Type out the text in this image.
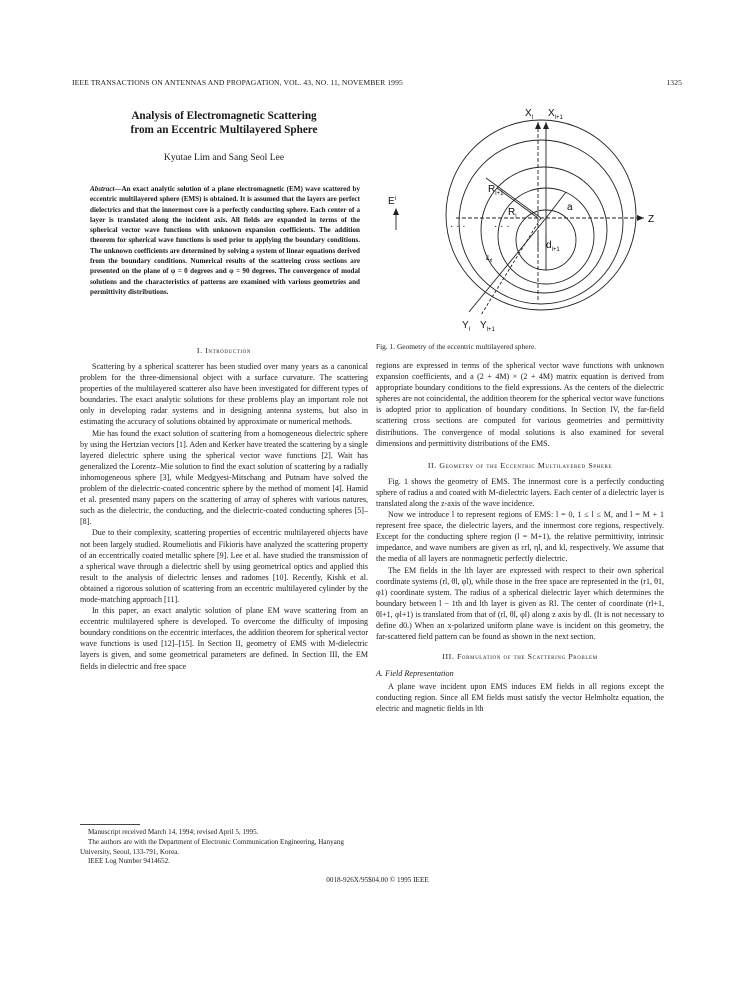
IEEE TRANSACTIONS ON ANTENNAS AND PROPAGATION, VOL. 43, NO. 11, NOVEMBER 1995	1325
Analysis of Electromagnetic Scattering
from an Eccentric Multilayered Sphere
Kyutae Lim and Sang Seol Lee
Abstract—An exact analytic solution of a plane electromagnetic (EM) wave scattered by eccentric multilayered sphere (EMS) is obtained. It is assumed that the layers are perfect dielectrics and that the innermost core is a perfectly conducting sphere. Each center of a layer is translated along the incident axis. All fields are expanded in terms of the spherical vector wave functions with unknown expansion coefficients. The addition theorem for spherical wave functions is used prior to applying the boundary conditions. The unknown coefficients are determined by solving a system of linear equations derived from the boundary conditions. Numerical results of the scattering cross sections are presented on the plane of φ = 0 degrees and φ = 90 degrees. The convergence of modal solutions and the characteristics of patterns are examined with various geometries and permittivity distributions.
I. Introduction

Scattering by a spherical scatterer has been studied over many years as a canonical problem for the three-dimensional object with a surface curvature. The scattering properties of the multilayered scatterer also have been investigated for different types of boundaries. The exact analytic solutions for these problems play an important role not only in developing radar systems and in designing antenna systems, but also in estimating the accuracy of solutions obtained by approximate or numerical methods.

Mie has found the exact solution of scattering from a homogeneous dielectric sphere by using the Hertzian vectors [1]. Aden and Kerker have treated the scattering by a single layered dielectric sphere using the spherical vector wave functions [2]. Wait has generalized the Lorentz–Mie solution to find the exact solution of scattering by a radially inhomogeneous sphere [3], while Medgyesi-Mitschang and Putnam have solved the problem of the dielectric-coated concentric sphere by the method of moment [4]. Hamid et al. presented many papers on the scattering of array of spheres with various natures, such as the dielectric, the conducting, and the dielectric-coated conducting spheres [5]–[8].

Due to their complexity, scattering properties of eccentric multilayered objects have not been largely studied. Roumeliotis and Fikioris have analyzed the scattering property of an eccentrically coated metallic sphere [9]. Lee et al. have studied the transmission of a spherical wave through a dielectric shell by using geometrical optics and applied this result to the analysis of dielectric lenses and radomes [10]. Recently, Kishk et al. obtained a rigorous solution of scattering from an eccentric multilayered cylinder by the mode-matching approach [11].

In this paper, an exact analytic solution of plane EM wave scattering from an eccentric multilayered sphere is developed. To overcome the difficulty of imposing boundary conditions on the eccentric interfaces, the addition theorem for spherical vector wave functions is used [12]–[15]. In Section II, geometry of EMS with M-dielectric layers is given, and some geometrical parameters are defined. In Section III, the EM fields in dielectric and free space

Manuscript received March 14, 1994; revised April 5, 1995.
The authors are with the Department of Electronic Communication Engineering, Hanyang University, Seoul, 133-791, Korea.
IEEE Log Number 9414652.
$X_l$ $X_{l+1}$
$E^i$
$R_{l+1}$
$R_l$
a
Z
$d_{l+1}$
$\varepsilon_{rl}$
$Y_l$ $Y_{l+1}$
· · ·	· · ·
Fig. 1. Geometry of the eccentric multilayered sphere.

regions are expressed in terms of the spherical vector wave functions with unknown expansion coefficients, and a (2 + 4M) × (2 + 4M) matrix equation is derived from appropriate boundary conditions to the field expressions. As the centers of the dielectric spheres are not coincidental, the addition theorem for the spherical vector wave functions is adopted prior to application of boundary conditions. In Section IV, the far-field scattering cross sections are computed for various geometries and permittivity distributions. The convergence of modal solutions is also examined for several dimensions and permittivity distributions of the EMS.

II. Geometry of the Eccentric Multilayered Sphere

Fig. 1 shows the geometry of EMS. The innermost core is a perfectly conducting sphere of radius a and coated with M-dielectric layers. Each center of a dielectric layer is translated along the z-axis of the wave incidence.

Now we introduce l to represent regions of EMS: l = 0, 1 ≤ l ≤ M, and l = M + 1 represent free space, the dielectric layers, and the innermost core regions, respectively. Except for the conducting sphere region (l = M+1), the relative permittivity, intrinsic impedance, and wave numbers are given as εrl, ηl, and kl, respectively. We assume that the media of all layers are nonmagnetic perfectly dielectric.

The EM fields in the lth layer are expressed with respect to their own spherical coordinate systems (rl, θl, φl), while those in the free space are represented in the (r1, θ1, φ1) coordinate system. The radius of a spherical dielectric layer which determines the boundary between l − 1th and lth layer is given as Rl. The center of coordinate (rl+1, θl+1, φl+1) is translated from that of (rl, θl, φl) along z axis by dl. (It is not necessary to define d0.) When an x-polarized uniform plane wave is incident on this geometry, the far-scattered field pattern can be found as shown in the next section.

III. Formulation of the Scattering Problem
A. Field Representation

A plane wave incident upon EMS induces EM fields in all regions except the conducting region. Since all EM fields must satisfy the vector Helmholtz equation, the electric and magnetic fields in lth

0018-926X/95$04.00 © 1995 IEEE
